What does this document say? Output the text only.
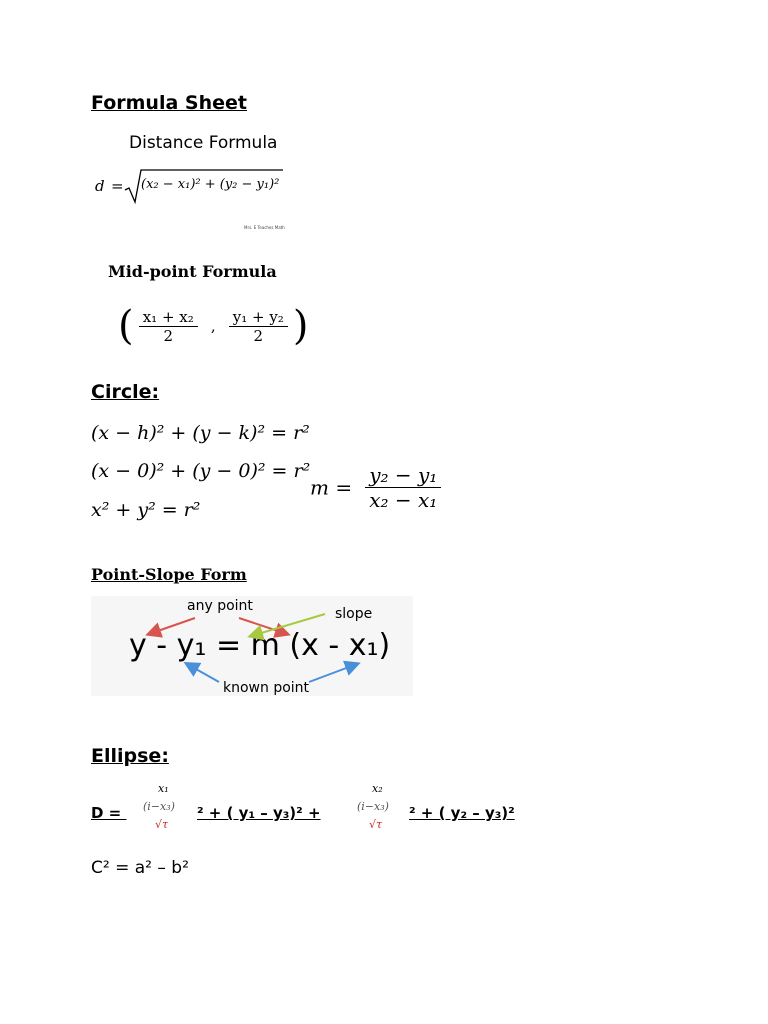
Formula Sheet
Distance Formula
d = (x₂ − x₁)² + (y₂ − y₁)²
Mrs. E Teaches Math
Mid-point Formula
( $\frac{\text{x₁ + x₂}}{2}$ , $\frac{\text{y₁ + y₂}}{2}$ )
Circle:
(x − h)² + (y − k)² = r²
(x − 0)² + (y − 0)² = r²
x² + y² = r²
$m = \frac{\text{y₂ − y₁}}{\text{x₂ − x₁}}$
Point-Slope Form
any point	slope
y - y₁ = m (x - x₁)
known point
Ellipse:
D =
x₁
(i−x₃)
√τ
² + ( y₁ – y₃)² +
x₂
(i−x₃)
√τ
² + ( y₂ – y₃)²
C² = a² – b²
